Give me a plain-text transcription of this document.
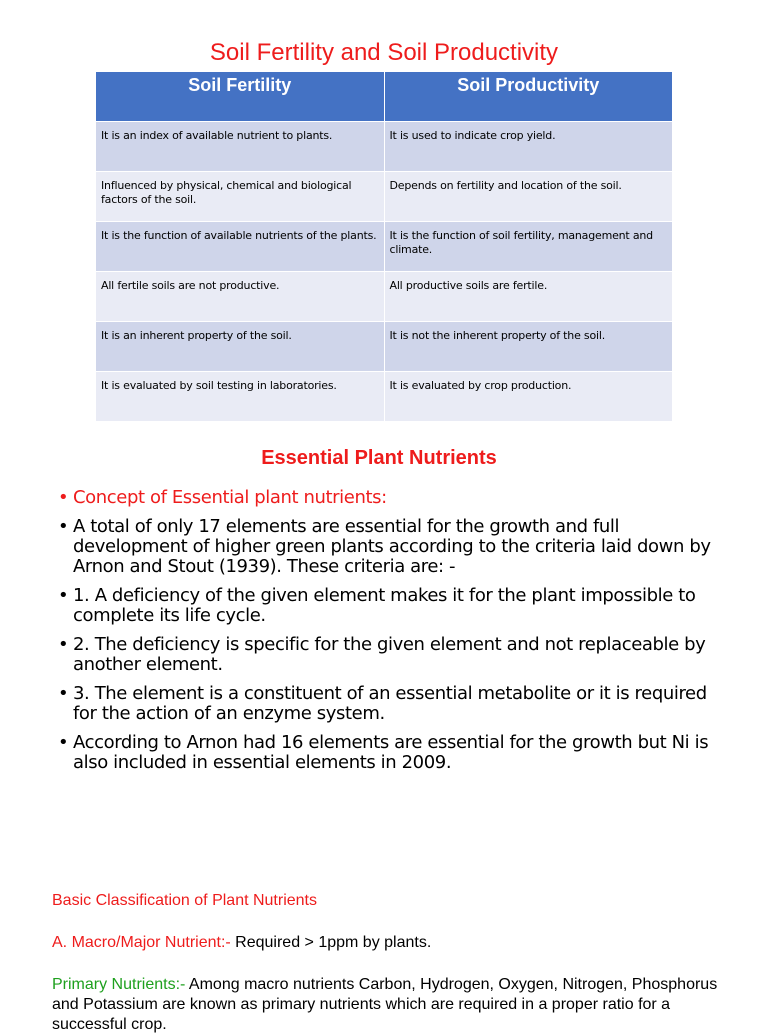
Soil Fertility and Soil Productivity
Soil Fertility	Soil Productivity
It is an index of available nutrient to plants.	It is used to indicate crop yield.
Influenced by physical, chemical and biological factors of the soil.	Depends on fertility and location of the soil.
It is the function of available nutrients of the plants.	It is the function of soil fertility, management and climate.
All fertile soils are not productive.	All productive soils are fertile.
It is an inherent property of the soil.	It is not the inherent property of the soil.
It is evaluated by soil testing in laboratories.	It is evaluated by crop production.
Essential Plant Nutrients
• Concept of Essential plant nutrients:
• A total of only 17 elements are essential for the growth and full development of higher green plants according to the criteria laid down by Arnon and Stout (1939). These criteria are: -
• 1. A deficiency of the given element makes it for the plant impossible to complete its life cycle.
• 2. The deficiency is specific for the given element and not replaceable by another element.
• 3. The element is a constituent of an essential metabolite or it is required for the action of an enzyme system.
• According to Arnon had 16 elements are essential for the growth but Ni is also included in essential elements in 2009.
Basic Classification of Plant Nutrients
A. Macro/Major Nutrient:- Required > 1ppm by plants.
Primary Nutrients:- Among macro nutrients Carbon, Hydrogen, Oxygen, Nitrogen, Phosphorus and Potassium are known as primary nutrients which are required in a proper ratio for a successful crop.
